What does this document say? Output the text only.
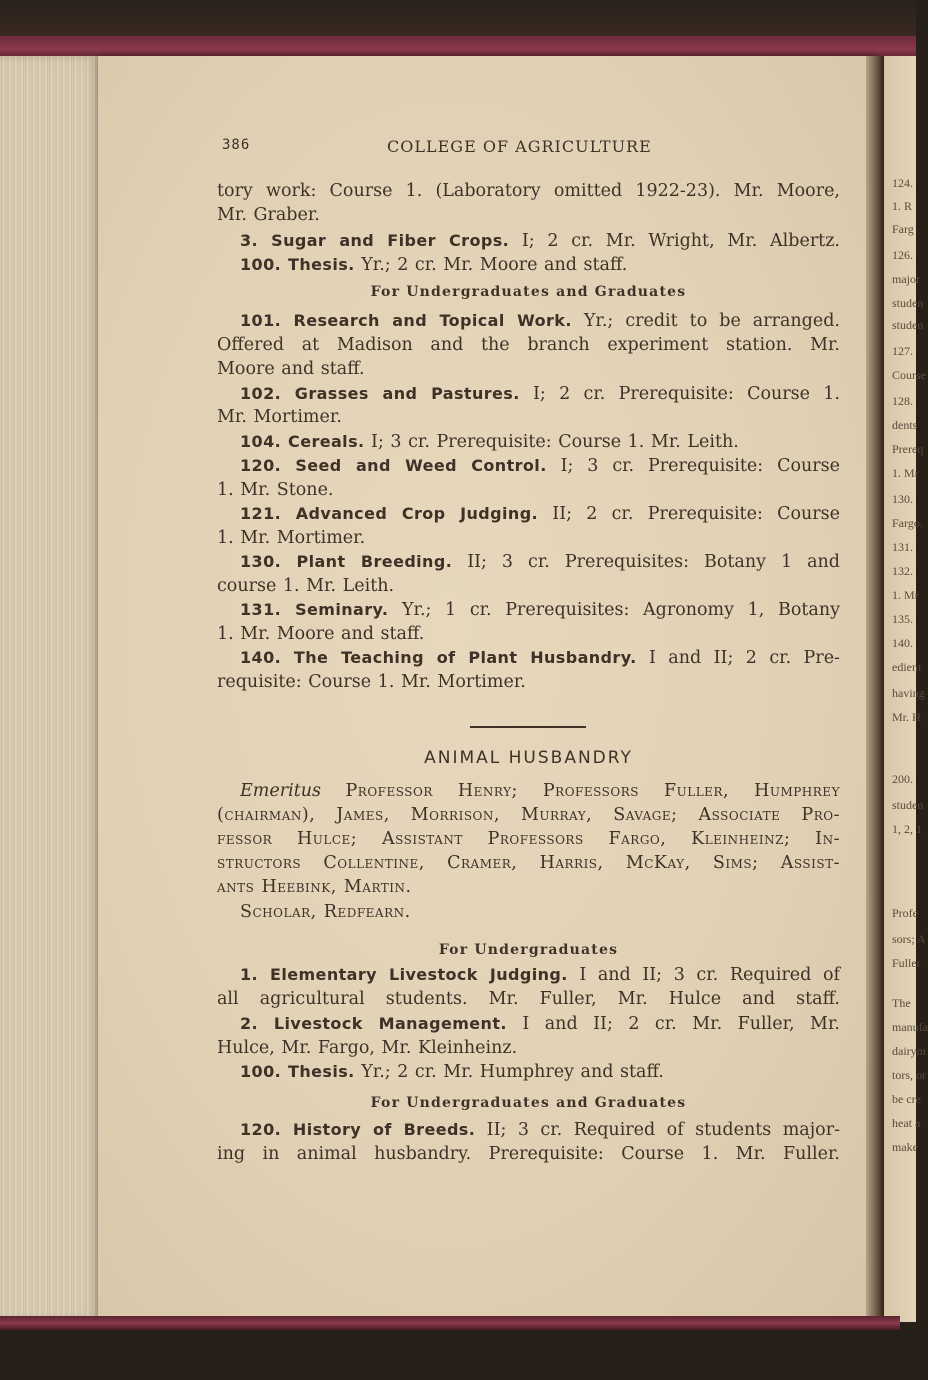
124.
1. R
Farg
126.
major
studen
studen
127.
Course
128.
dents
Prereq
1. Mr
130.
Fargo.
131.
132.
1. Mr
135.
140.
edient
having
Mr. H
200.
studen
1, 2, 1
Profe
sors; A
Fuller
The
manufa
dairym
tors, or
be cre
heat a
make
386	COLLEGE OF AGRICULTURE
tory work: Course 1. (Laboratory omitted 1922-23). Mr. Moore,
Mr. Graber.
3. Sugar and Fiber Crops. I; 2 cr. Mr. Wright, Mr. Albertz.
100. Thesis. Yr.; 2 cr. Mr. Moore and staff.
For Undergraduates and Graduates
101. Research and Topical Work. Yr.; credit to be arranged.
Offered at Madison and the branch experiment station. Mr.
Moore and staff.
102. Grasses and Pastures. I; 2 cr. Prerequisite: Course 1.
Mr. Mortimer.
104. Cereals. I; 3 cr. Prerequisite: Course 1. Mr. Leith.
120. Seed and Weed Control. I; 3 cr. Prerequisite: Course
1. Mr. Stone.
121. Advanced Crop Judging. II; 2 cr. Prerequisite: Course
1. Mr. Mortimer.
130. Plant Breeding. II; 3 cr. Prerequisites: Botany 1 and
course 1. Mr. Leith.
131. Seminary. Yr.; 1 cr. Prerequisites: Agronomy 1, Botany
1. Mr. Moore and staff.
140. The Teaching of Plant Husbandry. I and II; 2 cr. Pre-
requisite: Course 1. Mr. Mortimer.
ANIMAL HUSBANDRY
Emeritus Professor Henry; Professors Fuller, Humphrey
(chairman), James, Morrison, Murray, Savage; Associate Pro-
fessor Hulce; Assistant Professors Fargo, Kleinheinz; In-
structors Collentine, Cramer, Harris, McKay, Sims; Assist-
ants Heebink, Martin.
Scholar, Redfearn.
For Undergraduates
1. Elementary Livestock Judging. I and II; 3 cr. Required of
all agricultural students. Mr. Fuller, Mr. Hulce and staff.
2. Livestock Management. I and II; 2 cr. Mr. Fuller, Mr.
Hulce, Mr. Fargo, Mr. Kleinheinz.
100. Thesis. Yr.; 2 cr. Mr. Humphrey and staff.
For Undergraduates and Graduates
120. History of Breeds. II; 3 cr. Required of students major-
ing in animal husbandry. Prerequisite: Course 1. Mr. Fuller.
